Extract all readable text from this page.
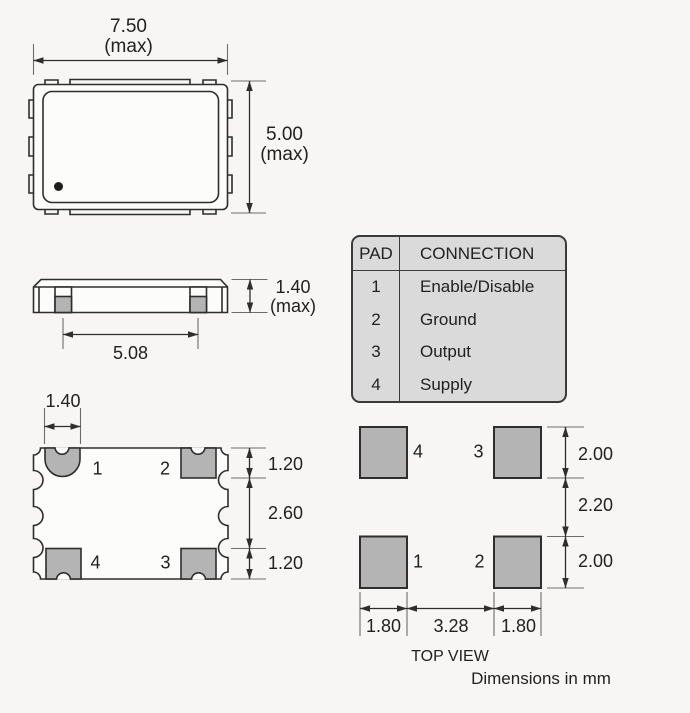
7.50
(max)
5.00
(max)
5.08
1.40
(max)
1.40
1.20
2.60
1.20
1	2
4	3
4	3
1	2
2.00
2.20
2.00
1.80 3.28 1.80
TOP VIEW
Dimensions in mm
PAD	CONNECTION
1	Enable/Disable
2	Ground
3	Output
4	Supply
